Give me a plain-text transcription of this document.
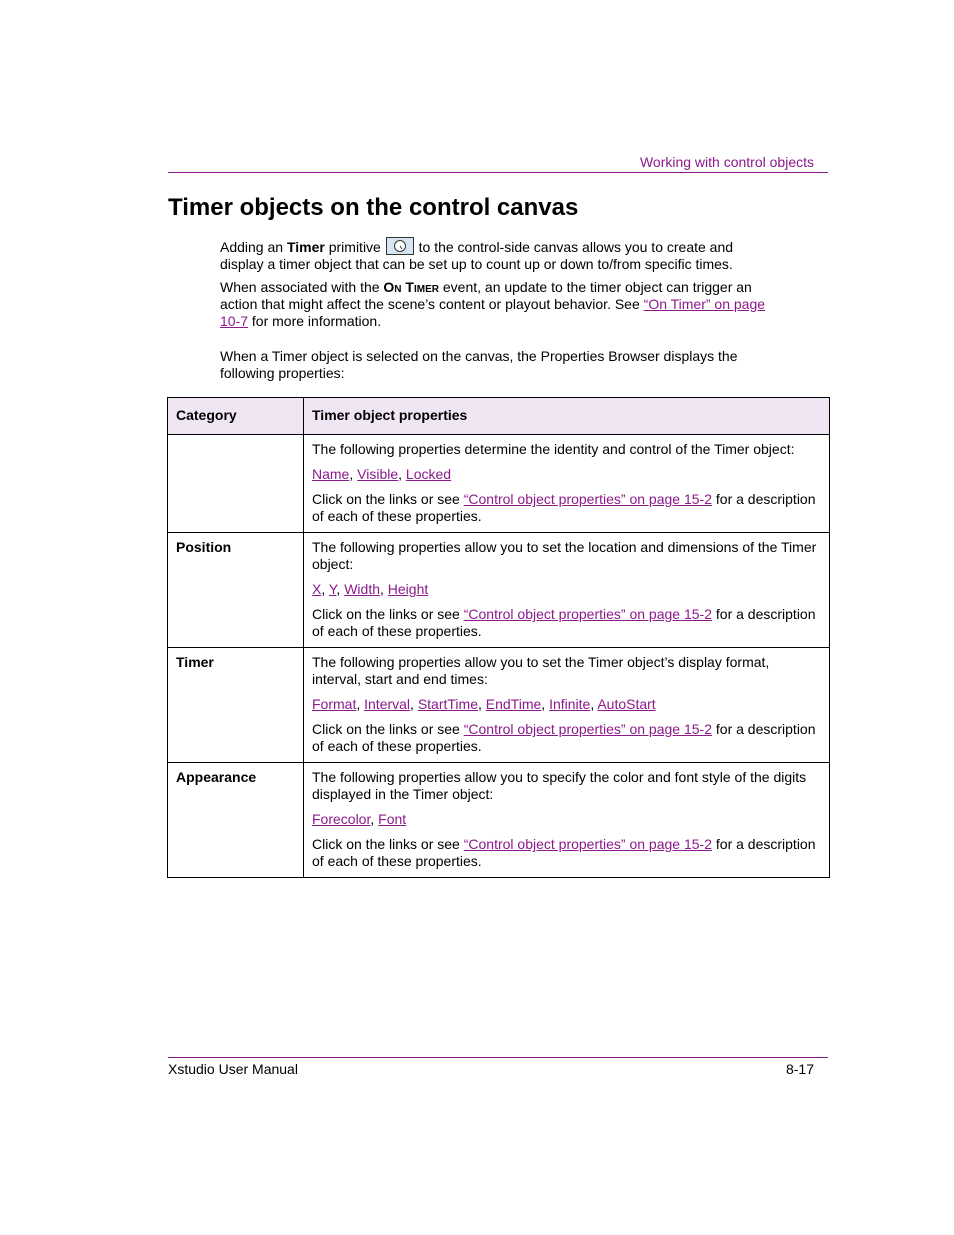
Working with control objects
Timer objects on the control canvas

Adding an Timer primitive
to the control-side canvas allows you to create and display a timer object that can be set up to count up or down to/from specific times.

When associated with the On Timer event, an update to the timer object can trigger an action that might affect the scene’s content or playout behavior. See “On Timer” on page 10-7 for more information.

When a Timer object is selected on the canvas, the Properties Browser displays the following properties:

Category	Timer object properties

	The following properties determine the identity and control of the Timer object:

Name, Visible, Locked

Click on the links or see “Control object properties” on page 15-2 for a description of each of these properties.

Position	The following properties allow you to set the location and dimensions of the Timer object:

X, Y, Width, Height

Click on the links or see “Control object properties” on page 15-2 for a description of each of these properties.

Timer	The following properties allow you to set the Timer object’s display format, interval, start and end times:

Format, Interval, StartTime, EndTime, Infinite, AutoStart

Click on the links or see “Control object properties” on page 15-2 for a description of each of these properties.

Appearance	The following properties allow you to specify the color and font style of the digits displayed in the Timer object:

Forecolor, Font

Click on the links or see “Control object properties” on page 15-2 for a description of each of these properties.

Xstudio User Manual	8-17
